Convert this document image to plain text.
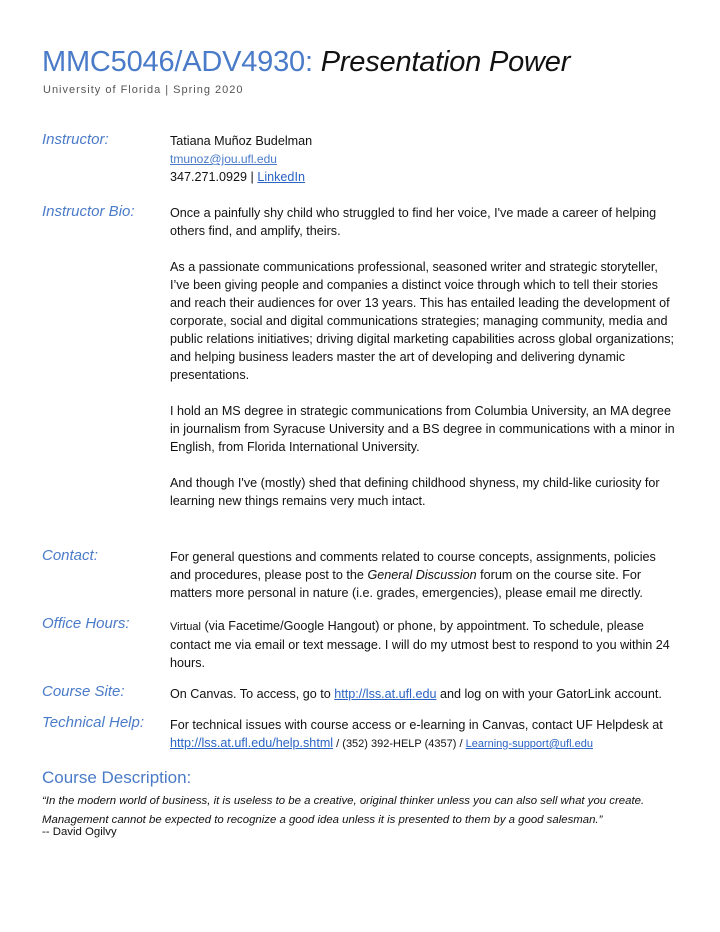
MMC5046/ADV4930: Presentation Power
University of Florida | Spring 2020
Instructor:	Tatiana Muñoz Budelman
tmunoz@jou.ufl.edu
347.271.0929 | LinkedIn
Instructor Bio:	Once a painfully shy child who struggled to find her voice, I've made a career of helping others find, and amplify, theirs.

As a passionate communications professional, seasoned writer and strategic storyteller, I’ve been giving people and companies a distinct voice through which to tell their stories and reach their audiences for over 13 years. This has entailed leading the development of corporate, social and digital communications strategies; managing community, media and public relations initiatives; driving digital marketing capabilities across global organizations; and helping business leaders master the art of developing and delivering dynamic presentations.

I hold an MS degree in strategic communications from Columbia University, an MA degree in journalism from Syracuse University and a BS degree in communications with a minor in English, from Florida International University.

And though I've (mostly) shed that defining childhood shyness, my child-like curiosity for learning new things remains very much intact.

Contact:	For general questions and comments related to course concepts, assignments, policies and procedures, please post to the General Discussion forum on the course site. For matters more personal in nature (i.e. grades, emergencies), please email me directly.
Office Hours:	Virtual (via Facetime/Google Hangout) or phone, by appointment. To schedule, please contact me via email or text message. I will do my utmost best to respond to you within 24 hours.
Course Site:	On Canvas. To access, go to http://lss.at.ufl.edu and log on with your GatorLink account.
Technical Help: For technical issues with course access or e-learning in Canvas, contact UF Helpdesk at
http://lss.at.ufl.edu/help.shtml / (352) 392-HELP (4357) / Learning-support@ufl.edu
Course Description:
“In the modern world of business, it is useless to be a creative, original thinker unless you can also sell what you create. Management cannot be expected to recognize a good idea unless it is presented to them by a good salesman.”
-- David Ogilvy
